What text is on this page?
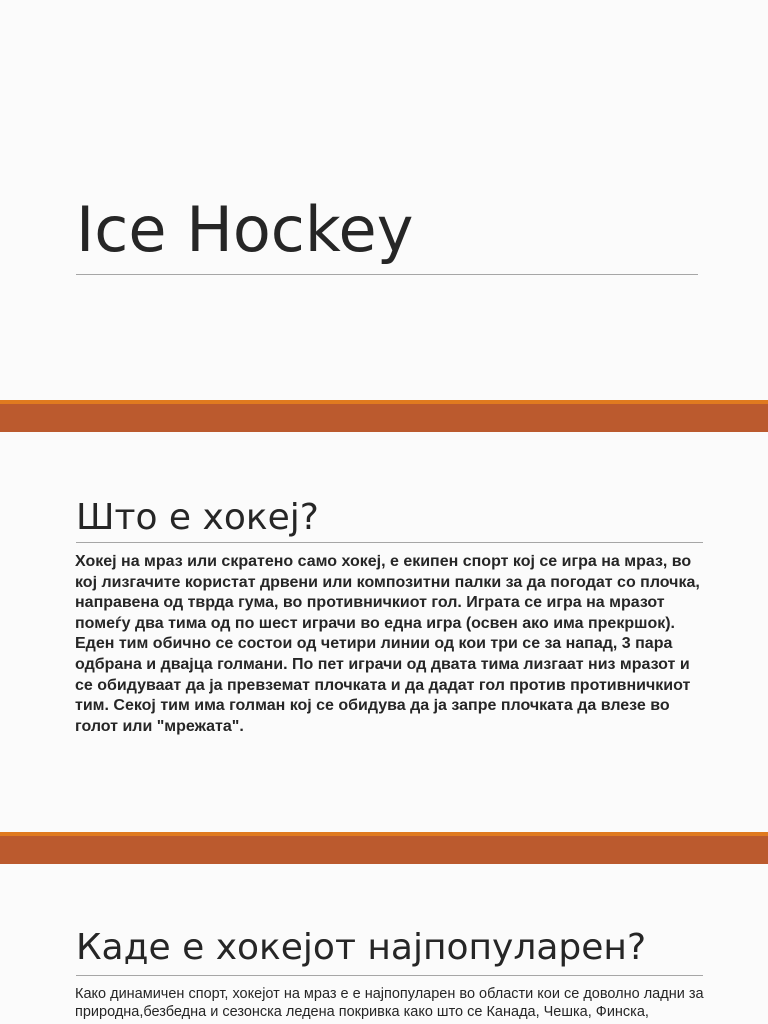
Ice Hockey
Што е хокеј?

Хокеј на мраз или скратено само хокеј, е екипен спорт кој се игра на мраз, во кој лизгачите користат дрвени или композитни палки за да погодат со плочка, направена од тврда гума, во противничкиот гол. Играта се игра на мразот помеѓу два тима од по шест играчи во една игра (освен ако има прекршок). Еден тим обично се состои од четири линии од кои три се за напад, 3 пара одбрана и двајца голмани. По пет играчи од двата тима лизгаат низ мразот и се обидуваат да ја превземат плочката и да дадат гол против противничкиот тим. Секој тим има голман кој се обидува да ја запре плочката да влезе во голот или "мрежата".

Каде е хокејот најпопуларен?

Како динамичен спорт, хокејот на мраз е е најпопуларен во области кои се доволно ладни за природна,безбедна и сезонска ледена покривка како што се Канада, Чешка, Финска,
